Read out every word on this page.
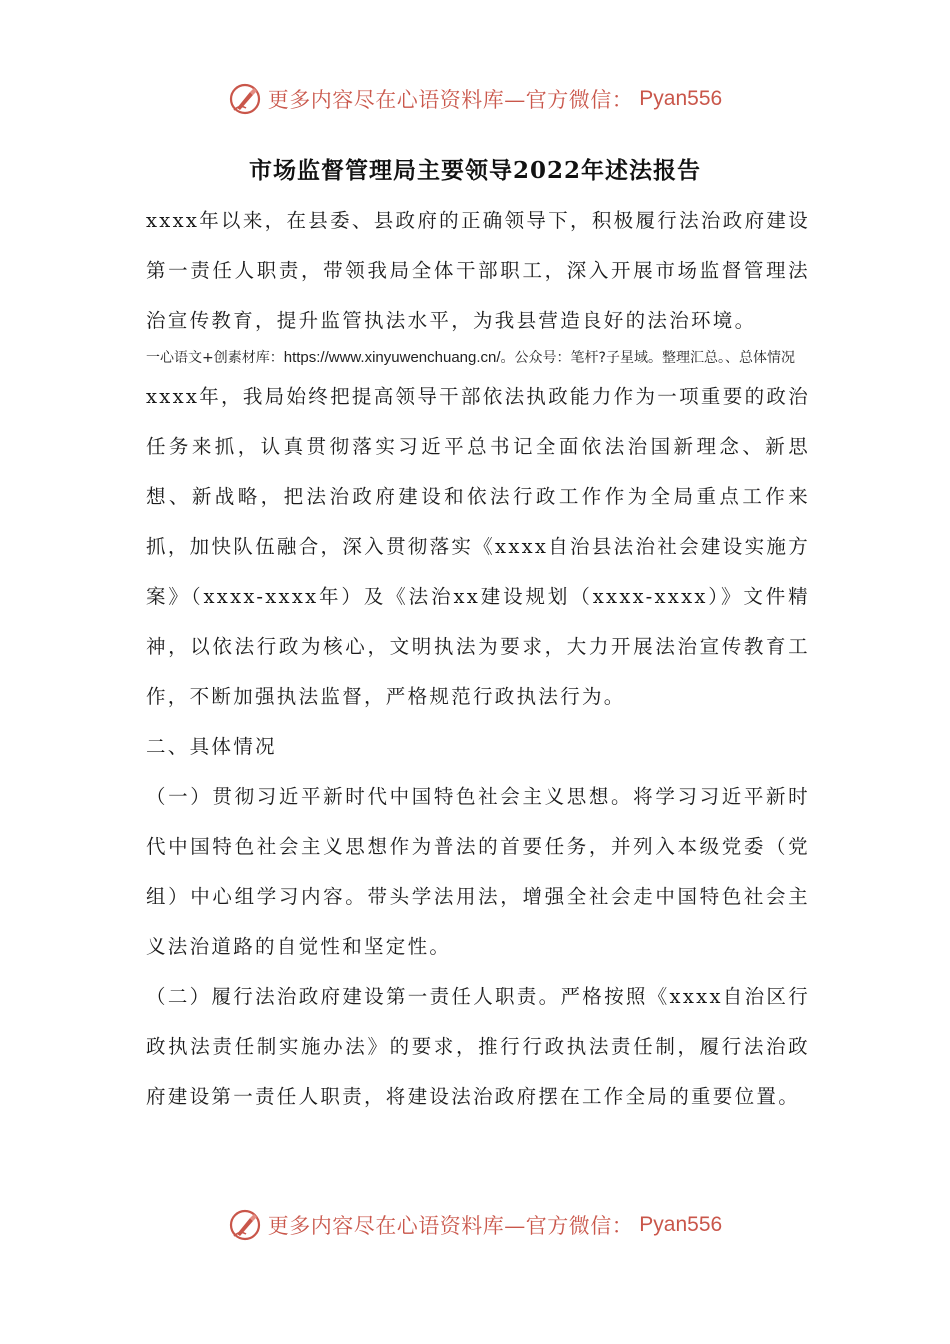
更多内容尽在心语资料库—官方微信： Pyan556
市场监督管理局主要领导2022年述法报告

xxxx年以来，在县委、县政府的正确领导下，积极履行法治政府建设第一责任人职责，带领我局全体干部职工，深入开展市场监督管理法治宣传教育，提升监管执法水平，为我县营造良好的法治环境。

一心语文+创素材库：https://www.xinyuwenchuang.cn/。公众号：笔杆?子星域。整理汇总。、总体情况

xxxx年，我局始终把提高领导干部依法执政能力作为一项重要的政治任务来抓，认真贯彻落实习近平总书记全面依法治国新理念、新思想、新战略，把法治政府建设和依法行政工作作为全局重点工作来抓，加快队伍融合，深入贯彻落实《xxxx自治县法治社会建设实施方案》（xxxx-xxxx年）及《法治xx建设规划（xxxx-xxxx）》文件精神，以依法行政为核心，文明执法为要求，大力开展法治宣传教育工作，不断加强执法监督，严格规范行政执法行为。

二、具体情况

（一）贯彻习近平新时代中国特色社会主义思想。将学习习近平新时代中国特色社会主义思想作为普法的首要任务，并列入本级党委（党组）中心组学习内容。带头学法用法，增强全社会走中国特色社会主义法治道路的自觉性和坚定性。

（二）履行法治政府建设第一责任人职责。严格按照《xxxx自治区行政执法责任制实施办法》的要求，推行行政执法责任制，履行法治政府建设第一责任人职责，将建设法治政府摆在工作全局的重要位置。

更多内容尽在心语资料库—官方微信： Pyan556
